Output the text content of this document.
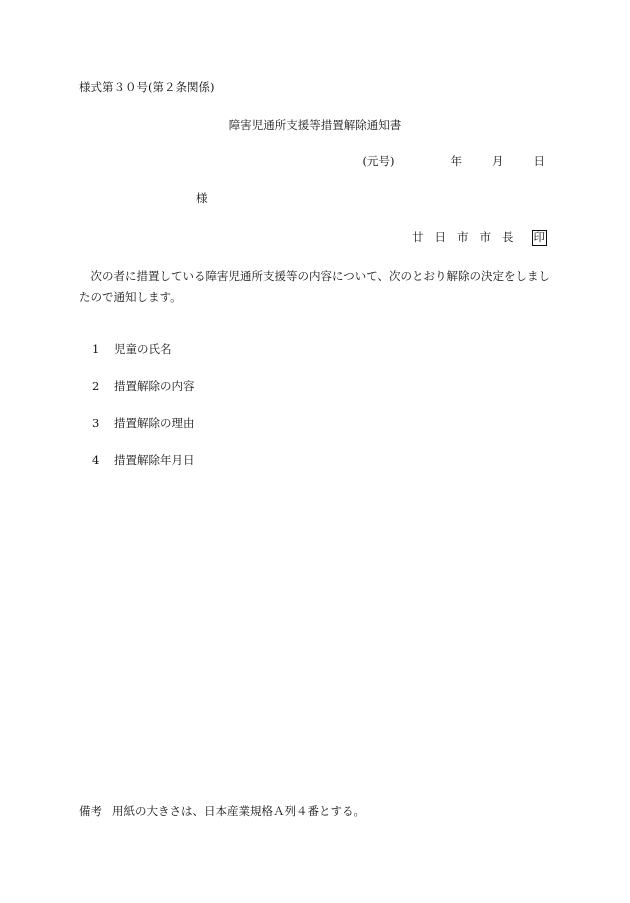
様式第３０号(第２条関係)
障害児通所支援等措置解除通知書
(元号)	年	月	日
様
廿 日 市 市 長 印
次の者に措置している障害児通所支援等の内容について、次のとおり解除の決定をしましたので通知します。
1	児童の氏名
2	措置解除の内容
3	措置解除の理由
4	措置解除年月日
備考 用紙の大きさは、日本産業規格Ａ列４番とする。
